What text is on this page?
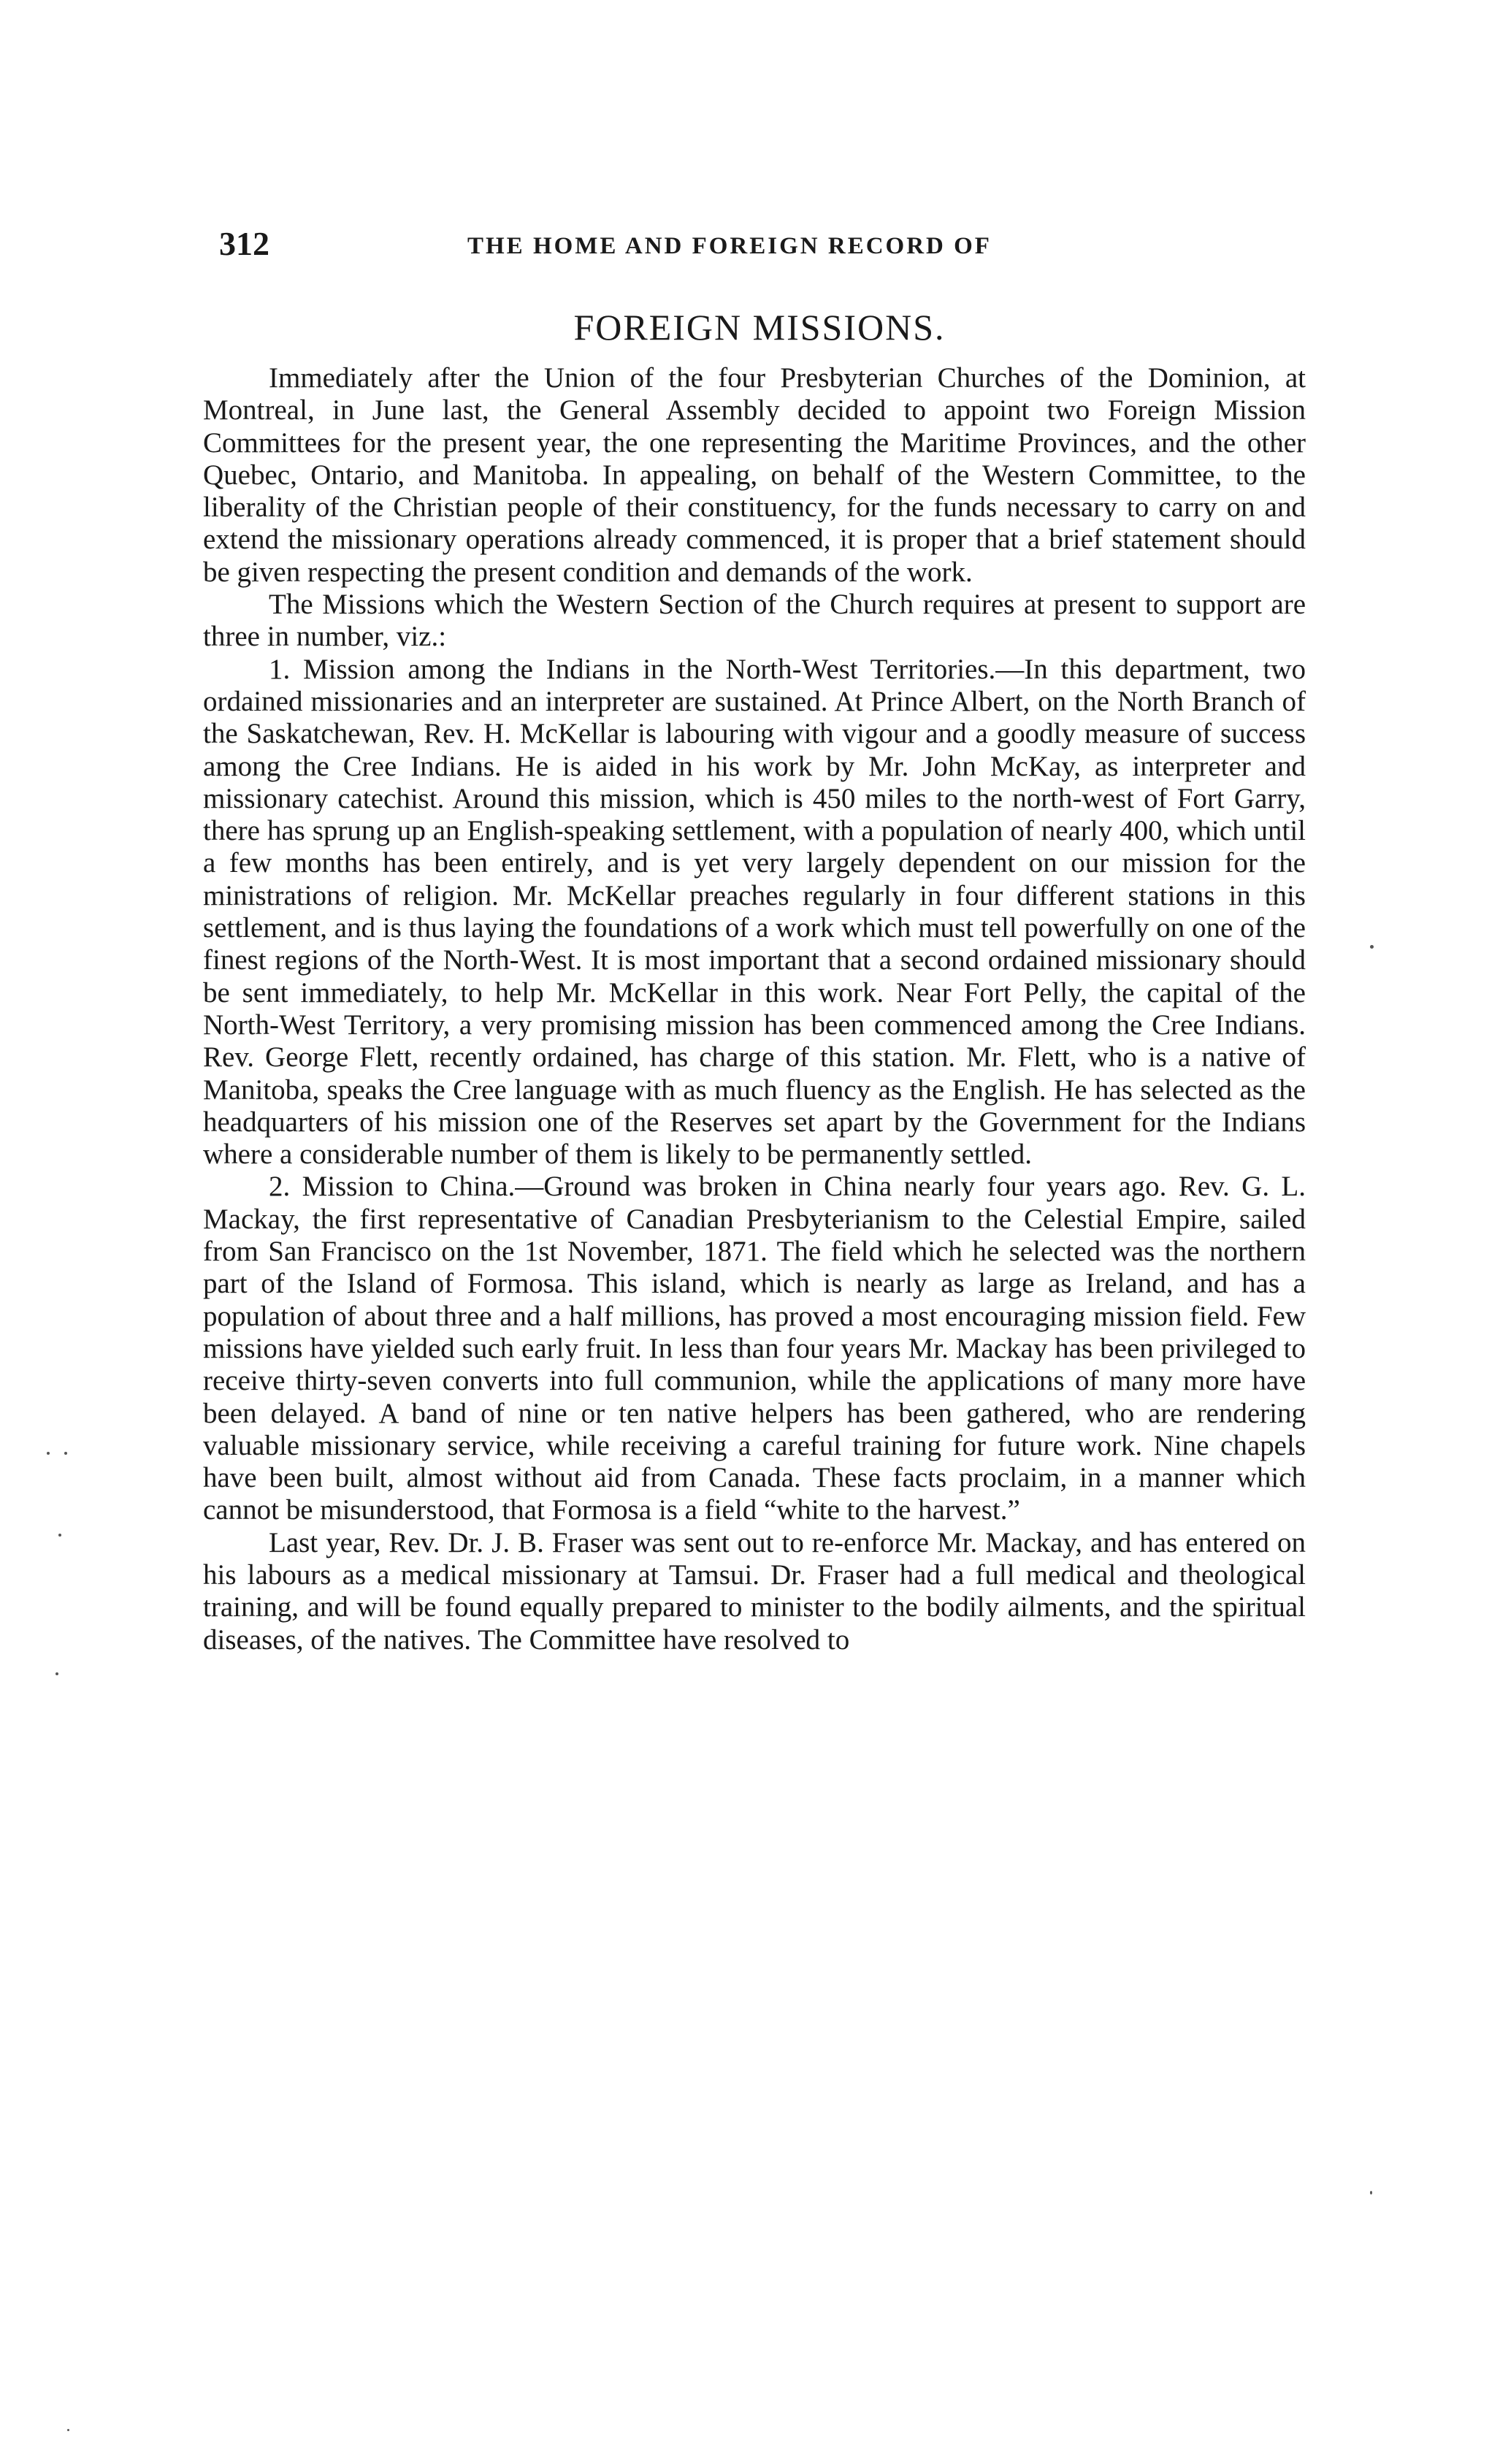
312	THE HOME AND FOREIGN RECORD OF
FOREIGN MISSIONS.

Immediately after the Union of the four Presbyterian Churches of the Dominion, at Montreal, in June last, the General Assembly decided to appoint two Foreign Mission Committees for the present year, the one representing the Maritime Provinces, and the other Quebec, Ontario, and Manitoba. In appealing, on behalf of the Western Committee, to the liberality of the Christian people of their constituency, for the funds necessary to carry on and extend the missionary operations already commenced, it is proper that a brief statement should be given respecting the present condition and demands of the work.

The Missions which the Western Section of the Church requires at present to support are three in number, viz.:

1. Mission among the Indians in the North-West Territories.—In this department, two ordained missionaries and an interpreter are sustained. At Prince Albert, on the North Branch of the Saskatchewan, Rev. H. McKellar is labouring with vigour and a goodly measure of success among the Cree Indians. He is aided in his work by Mr. John McKay, as interpreter and missionary catechist. Around this mission, which is 450 miles to the north-west of Fort Garry, there has sprung up an English-speaking settlement, with a population of nearly 400, which until a few months has been entirely, and is yet very largely dependent on our mission for the ministrations of religion. Mr. McKellar preaches regularly in four different stations in this settlement, and is thus laying the foundations of a work which must tell powerfully on one of the finest regions of the North-West. It is most important that a second ordained missionary should be sent immediately, to help Mr. McKellar in this work. Near Fort Pelly, the capital of the North-West Territory, a very promising mission has been commenced among the Cree Indians. Rev. George Flett, recently ordained, has charge of this station. Mr. Flett, who is a native of Manitoba, speaks the Cree language with as much fluency as the English. He has selected as the headquarters of his mission one of the Reserves set apart by the Government for the Indians where a considerable number of them is likely to be permanently settled.

2. Mission to China.—Ground was broken in China nearly four years ago. Rev. G. L. Mackay, the first representative of Canadian Presbyterianism to the Celestial Empire, sailed from San Francisco on the 1st November, 1871. The field which he selected was the northern part of the Island of Formosa. This island, which is nearly as large as Ireland, and has a population of about three and a half millions, has proved a most encouraging mission field. Few missions have yielded such early fruit. In less than four years Mr. Mackay has been privileged to receive thirty-seven converts into full communion, while the applications of many more have been delayed. A band of nine or ten native helpers has been gathered, who are rendering valuable missionary service, while receiving a careful training for future work. Nine chapels have been built, almost without aid from Canada. These facts proclaim, in a manner which cannot be misunderstood, that Formosa is a field “white to the harvest.”

Last year, Rev. Dr. J. B. Fraser was sent out to re-enforce Mr. Mackay, and has entered on his labours as a medical missionary at Tamsui. Dr. Fraser had a full medical and theological training, and will be found equally prepared to minister to the bodily ailments, and the spiritual diseases, of the natives. The Committee have resolved to
